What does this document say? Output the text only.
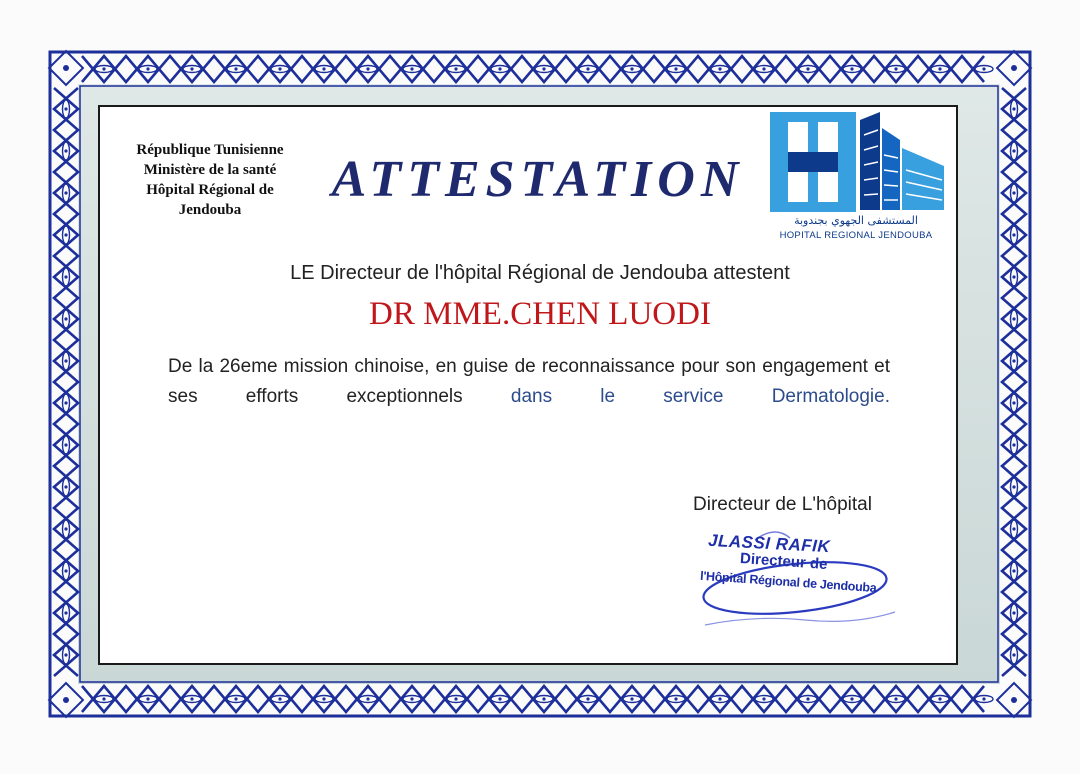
République Tunisienne
Ministère de la santé
Hôpital Régional de
Jendouba
ATTESTATION
المستشفى الجهوي بجندوبة
HOPITAL REGIONAL JENDOUBA
LE Directeur de l'hôpital Régional de Jendouba attestent
DR MME.CHEN LUODI
De la 26eme mission chinoise, en guise de reconnaissance pour son engagement et ses efforts exceptionnels dans le service Dermatologie.
Directeur de L'hôpital
JLASSI RAFIK
Directeur de
l'Hôpital Régional de Jendouba
